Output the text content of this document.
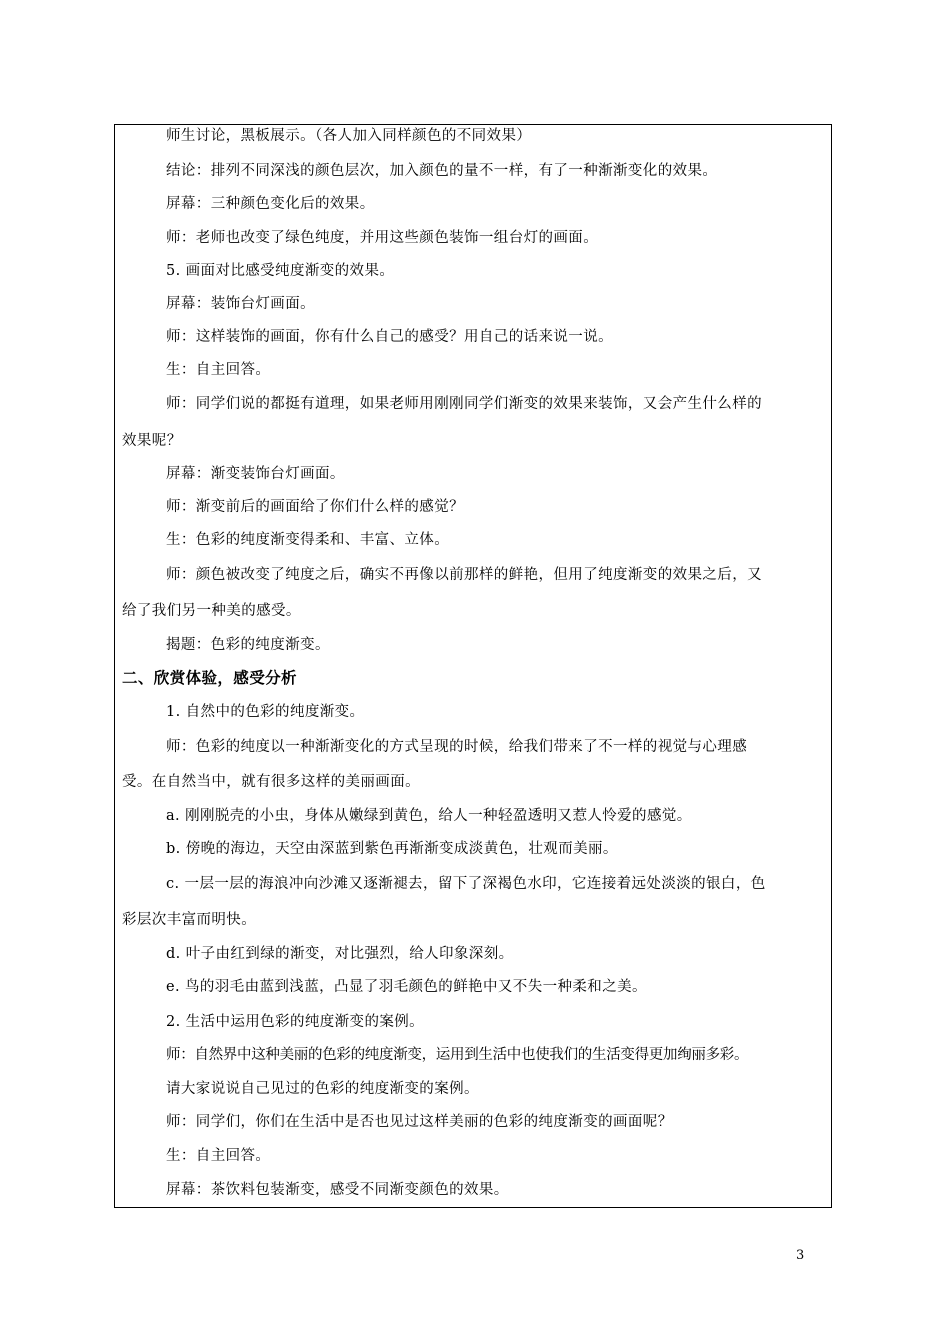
师生讨论，黑板展示。（各人加入同样颜色的不同效果）
结论：排列不同深浅的颜色层次，加入颜色的量不一样，有了一种渐渐变化的效果。
屏幕：三种颜色变化后的效果。
师：老师也改变了绿色纯度，并用这些颜色装饰一组台灯的画面。
5. 画面对比感受纯度渐变的效果。
屏幕：装饰台灯画面。
师：这样装饰的画面，你有什么自己的感受？用自己的话来说一说。
生：自主回答。
师：同学们说的都挺有道理，如果老师用刚刚同学们渐变的效果来装饰，又会产生什么样的
效果呢？
屏幕：渐变装饰台灯画面。
师：渐变前后的画面给了你们什么样的感觉？
生：色彩的纯度渐变得柔和、丰富、立体。
师：颜色被改变了纯度之后，确实不再像以前那样的鲜艳，但用了纯度渐变的效果之后，又
给了我们另一种美的感受。
揭题：色彩的纯度渐变。
二、欣赏体验，感受分析
1. 自然中的色彩的纯度渐变。
师：色彩的纯度以一种渐渐变化的方式呈现的时候，给我们带来了不一样的视觉与心理感
受。在自然当中，就有很多这样的美丽画面。
a. 刚刚脱壳的小虫，身体从嫩绿到黄色，给人一种轻盈透明又惹人怜爱的感觉。
b. 傍晚的海边，天空由深蓝到紫色再渐渐变成淡黄色，壮观而美丽。
c. 一层一层的海浪冲向沙滩又逐渐褪去，留下了深褐色水印，它连接着远处淡淡的银白，色
彩层次丰富而明快。
d. 叶子由红到绿的渐变，对比强烈，给人印象深刻。
e. 鸟的羽毛由蓝到浅蓝，凸显了羽毛颜色的鲜艳中又不失一种柔和之美。
2. 生活中运用色彩的纯度渐变的案例。
师：自然界中这种美丽的色彩的纯度渐变，运用到生活中也使我们的生活变得更加绚丽多彩。
请大家说说自己见过的色彩的纯度渐变的案例。
师：同学们，你们在生活中是否也见过这样美丽的色彩的纯度渐变的画面呢？
生：自主回答。
屏幕：茶饮料包装渐变，感受不同渐变颜色的效果。
3
